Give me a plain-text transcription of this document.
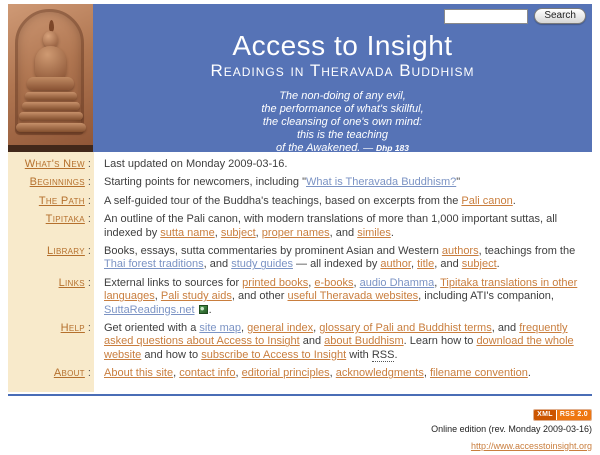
Access to Insight
Readings in Theravada Buddhism
The non-doing of any evil,
the performance of what's skillful,
the cleansing of one's own mind:
this is the teaching
of the Awakened. — Dhp 183
Search
What's New :	Last updated on Monday 2009-03-16.
Beginnings :	Starting points for newcomers, including "What is Theravada Buddhism?"
The Path :	A self-guided tour of the Buddha's teachings, based on excerpts from the Pali canon.
Tipitaka :	An outline of the Pali canon, with modern translations of more than 1,000 important suttas, all indexed by sutta name, subject, proper names, and similes.
Library :	Books, essays, sutta commentaries by prominent Asian and Western authors, teachings from the Thai forest traditions, and study guides — all indexed by author, title, and subject.
Links :	External links to sources for printed books, e-books, audio Dhamma, Tipitaka translations in other languages, Pali study aids, and other useful Theravada websites, including ATI's companion, SuttaReadings.net .
Help :	Get oriented with a site map, general index, glossary of Pali and Buddhist terms, and frequently asked questions about Access to Insight and about Buddhism. Learn how to download the whole website and how to subscribe to Access to Insight with RSS.
About :	About this site, contact info, editorial principles, acknowledgments, filename convention.
XML	RSS 2.0
Online edition (rev. Monday 2009-03-16)
http://www.accesstoinsight.org
